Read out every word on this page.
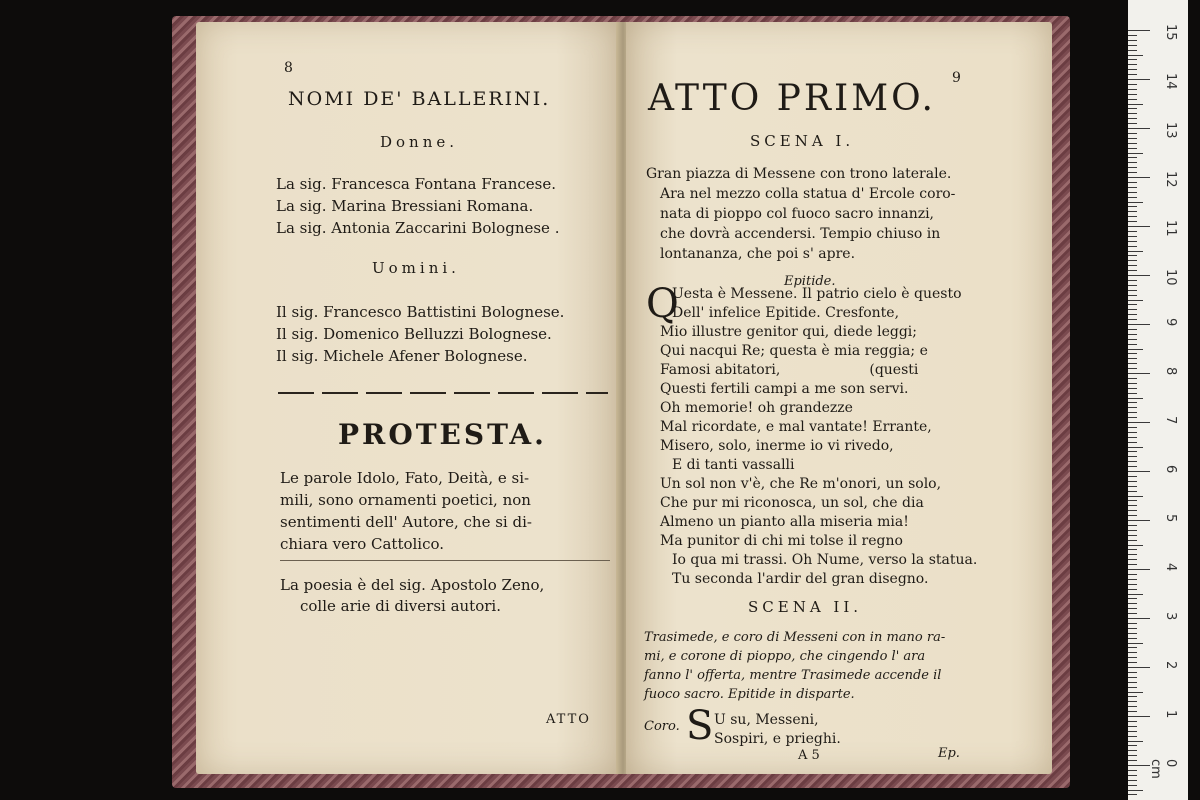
8
NOMI DE' BALLERINI.
Donne.
La sig. Francesca Fontana Francese.
La sig. Marina Bressiani Romana.
La sig. Antonia Zaccarini Bolognese .
Uomini.
Il sig. Francesco Battistini Bolognese.
Il sig. Domenico Belluzzi Bolognese.
Il sig. Michele Afener Bolognese.
PROTESTA.
Le parole Idolo, Fato, Deità, e si-
mili, sono ornamenti poetici, non
sentimenti dell' Autore, che si di-
chiara vero Cattolico.
La poesia è del sig. Apostolo Zeno,
colle arie di diversi autori.
ATTO
9
ATTO PRIMO.
SCENA I.
Gran piazza di Messene con trono laterale.
Ara nel mezzo colla statua d' Ercole coro-
nata di pioppo col fuoco sacro innanzi,
che dovrà accendersi. Tempio chiuso in
lontananza, che poi s' apre.
Epitide.
Q
Uesta è Messene. Il patrio cielo è questo
Dell' infelice Epitide. Cresfonte,
Mio illustre genitor qui, diede leggi;
Qui nacqui Re; questa è mia reggia; e
Famosi abitatori,                    (questi
Questi fertili campi a me son servi.
Oh memorie! oh grandezze
Mal ricordate, e mal vantate! Errante,
Misero, solo, inerme io vi rivedo,
E di tanti vassalli
Un sol non v'è, che Re m'onori, un solo,
Che pur mi riconosca, un sol, che dia
Almeno un pianto alla miseria mia!
Ma punitor di chi mi tolse il regno
Io qua mi trassi. Oh Nume, verso la statua.
Tu seconda l'ardir del gran disegno.
SCENA II.
Trasimede, e coro di Messeni con in mano ra-
mi, e corone di pioppo, che cingendo l' ara
fanno l' offerta, mentre Trasimede accende il
fuoco sacro. Epitide in disparte.
Coro. S U su, Messeni,
Sospiri, e prieghi.
A 5	Ep.
15
14
13
12
11
10
9
8
7
6
5
4
3
2
1
0 cm
